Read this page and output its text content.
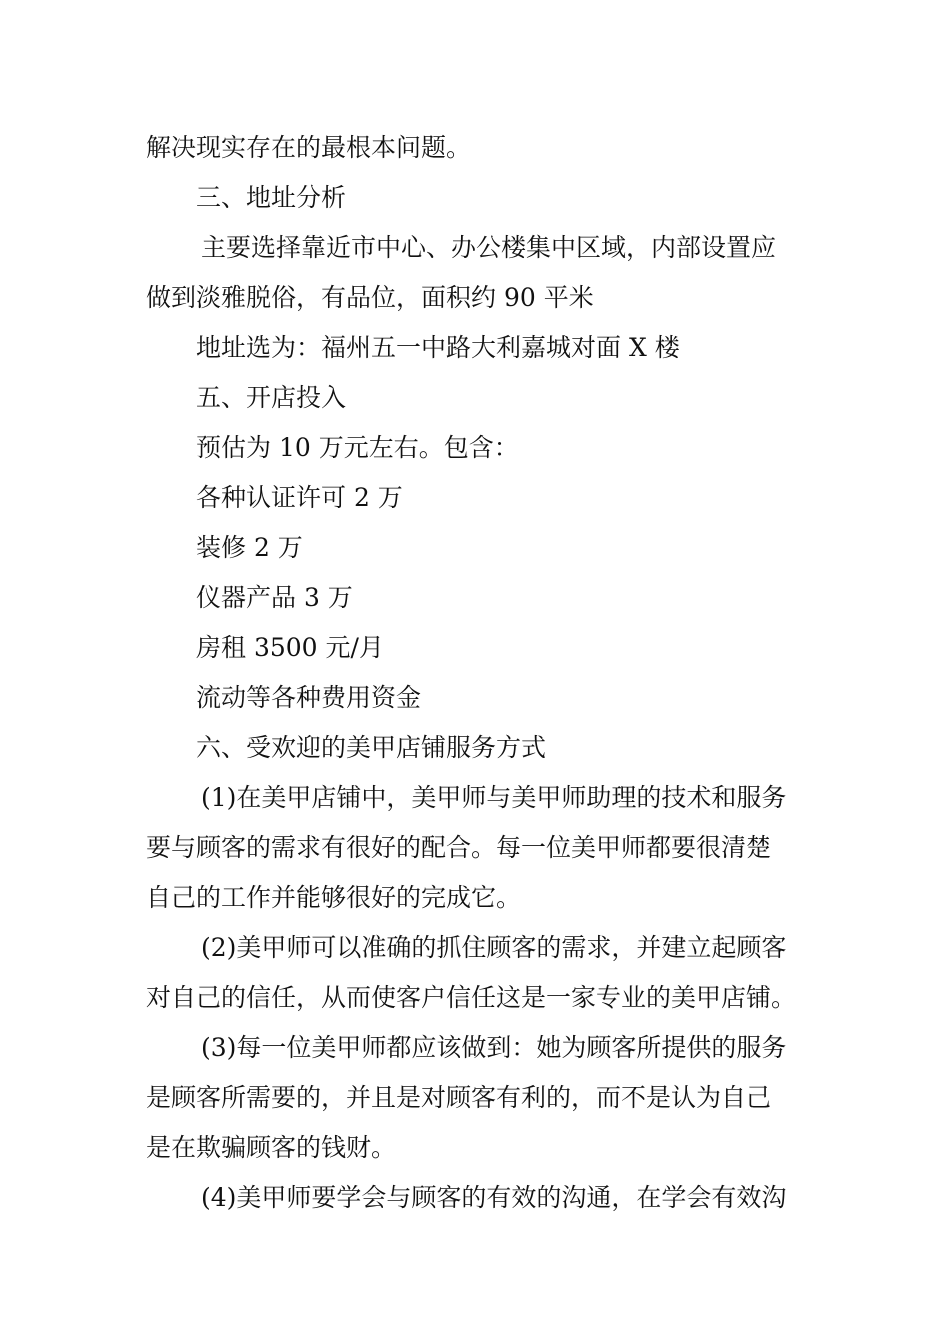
解决现实存在的最根本问题。
三、地址分析
主要选择靠近市中心、办公楼集中区域，内部设置应
做到淡雅脱俗，有品位，面积约 90 平米
地址选为：福州五一中路大利嘉城对面 X 楼
五、开店投入
预估为 10 万元左右。包含：
各种认证许可 2 万
装修 2 万
仪器产品 3 万
房租 3500 元/月
流动等各种费用资金
六、受欢迎的美甲店铺服务方式
(1)在美甲店铺中，美甲师与美甲师助理的技术和服务
要与顾客的需求有很好的配合。每一位美甲师都要很清楚
自己的工作并能够很好的完成它。
(2)美甲师可以准确的抓住顾客的需求，并建立起顾客
对自己的信任，从而使客户信任这是一家专业的美甲店铺。
(3)每一位美甲师都应该做到：她为顾客所提供的服务
是顾客所需要的，并且是对顾客有利的，而不是认为自己
是在欺骗顾客的钱财。
(4)美甲师要学会与顾客的有效的沟通，在学会有效沟
